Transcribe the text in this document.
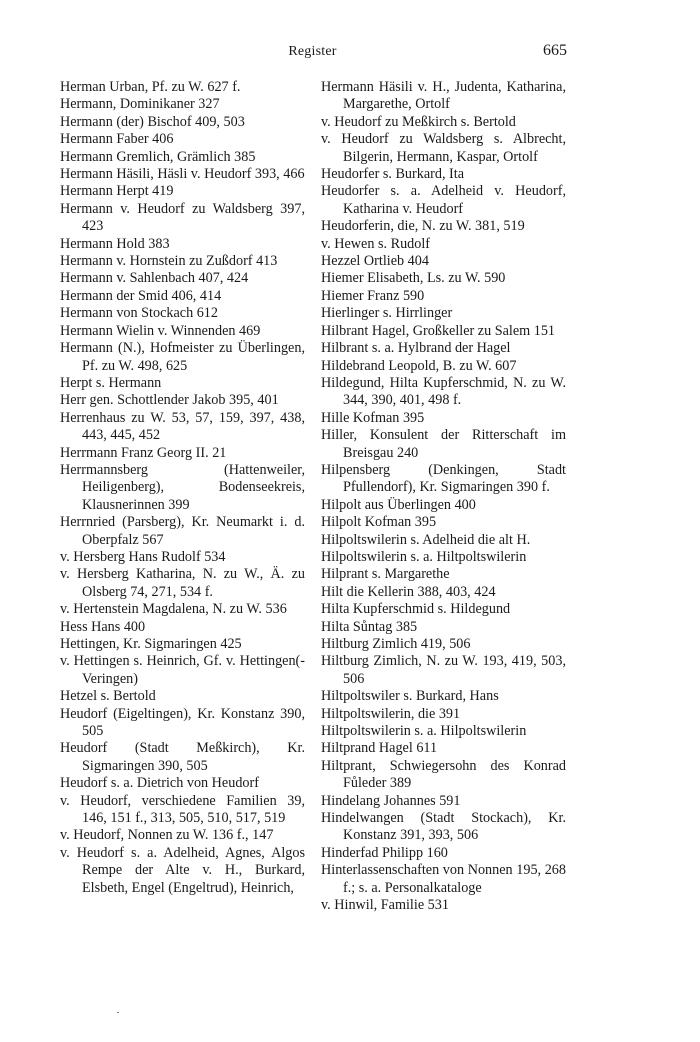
Register	665
Herman Urban, Pf. zu W. 627 f.
Hermann, Dominikaner 327
Hermann (der) Bischof 409, 503
Hermann Faber 406
Hermann Gremlich, Grämlich 385
Hermann Häsili, Häsli v. Heudorf 393, 466
Hermann Herpt 419
Hermann v. Heudorf zu Waldsberg 397, 423
Hermann Hold 383
Hermann v. Hornstein zu Zußdorf 413
Hermann v. Sahlenbach 407, 424
Hermann der Smid 406, 414
Hermann von Stockach 612
Hermann Wielin v. Winnenden 469
Hermann (N.), Hofmeister zu Überlingen, Pf. zu W. 498, 625
Herpt s. Hermann
Herr gen. Schottlender Jakob 395, 401
Herrenhaus zu W. 53, 57, 159, 397, 438, 443, 445, 452
Herrmann Franz Georg II. 21
Herrmannsberg (Hattenweiler, Heiligenberg), Bodenseekreis, Klausnerinnen 399
Herrnried (Parsberg), Kr. Neumarkt i. d. Oberpfalz 567
v. Hersberg Hans Rudolf 534
v. Hersberg Katharina, N. zu W., Ä. zu Olsberg 74, 271, 534 f.
v. Hertenstein Magdalena, N. zu W. 536
Hess Hans 400
Hettingen, Kr. Sigmaringen 425
v. Hettingen s. Heinrich, Gf. v. Hettingen(-Veringen)
Hetzel s. Bertold
Heudorf (Eigeltingen), Kr. Konstanz 390, 505
Heudorf (Stadt Meßkirch), Kr. Sigmaringen 390, 505
Heudorf s. a. Dietrich von Heudorf
v. Heudorf, verschiedene Familien 39, 146, 151 f., 313, 505, 510, 517, 519
v. Heudorf, Nonnen zu W. 136 f., 147
v. Heudorf s. a. Adelheid, Agnes, Algos Rempe der Alte v. H., Burkard, Elsbeth, Engel (Engeltrud), Heinrich,
Hermann Häsili v. H., Judenta, Katharina, Margarethe, Ortolf
v. Heudorf zu Meßkirch s. Bertold
v. Heudorf zu Waldsberg s. Albrecht, Bilgerin, Hermann, Kaspar, Ortolf
Heudorfer s. Burkard, Ita
Heudorfer s. a. Adelheid v. Heudorf, Katharina v. Heudorf
Heudorferin, die, N. zu W. 381, 519
v. Hewen s. Rudolf
Hezzel Ortlieb 404
Hiemer Elisabeth, Ls. zu W. 590
Hiemer Franz 590
Hierlinger s. Hirrlinger
Hilbrant Hagel, Großkeller zu Salem 151
Hilbrant s. a. Hylbrand der Hagel
Hildebrand Leopold, B. zu W. 607
Hildegund, Hilta Kupferschmid, N. zu W. 344, 390, 401, 498 f.
Hille Kofman 395
Hiller, Konsulent der Ritterschaft im Breisgau 240
Hilpensberg (Denkingen, Stadt Pfullendorf), Kr. Sigmaringen 390 f.
Hilpolt aus Überlingen 400
Hilpolt Kofman 395
Hilpoltswilerin s. Adelheid die alt H.
Hilpoltswilerin s. a. Hiltpoltswilerin
Hilprant s. Margarethe
Hilt die Kellerin 388, 403, 424
Hilta Kupferschmid s. Hildegund
Hilta Sůntag 385
Hiltburg Zimlich 419, 506
Hiltburg Zimlich, N. zu W. 193, 419, 503, 506
Hiltpoltswiler s. Burkard, Hans
Hiltpoltswilerin, die 391
Hiltpoltswilerin s. a. Hilpoltswilerin
Hiltprand Hagel 611
Hiltprant, Schwiegersohn des Konrad Fůleder 389
Hindelang Johannes 591
Hindelwangen (Stadt Stockach), Kr. Konstanz 391, 393, 506
Hinderfad Philipp 160
Hinterlassenschaften von Nonnen 195, 268 f.; s. a. Personalkataloge
v. Hinwil, Familie 531
